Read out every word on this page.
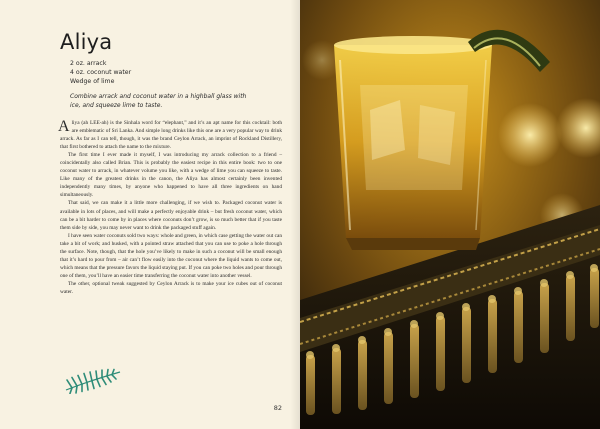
Aliya
2 oz. arrack
4 oz. coconut water
Wedge of lime

Combine arrack and coconut water in a highball glass with ice, and squeeze lime to taste.

Aliya (ah LEE-ah) is the Sinhala word for “elephant,” and it’s an apt name for this cocktail: both are emblematic of Sri Lanka. And simple long drinks like this one are a very popular way to drink arrack. As far as I can tell, though, it was the brand Ceylon Arrack, an imprint of Rockland Distillery, that first bothered to attach the name to the mixture.

The first time I ever made it myself, I was introducing my arrack collection to a friend – coincidentally also called Brian. This is probably the easiest recipe in this entire book: two to one coconut water to arrack, in whatever volume you like, with a wedge of lime you can squeeze to taste. Like many of the greatest drinks in the canon, the Aliya has almost certainly been invented independently many times, by anyone who happened to have all three ingredients on hand simultaneously.

That said, we can make it a little more challenging, if we wish to. Packaged coconut water is available in lots of places, and will make a perfectly enjoyable drink – but fresh coconut water, which can be a bit harder to come by in places where coconuts don’t grow, is so much better that if you taste them side by side, you may never want to drink the packaged stuff again.

I have seen water coconuts sold two ways: whole and green, in which case getting the water out can take a bit of work; and husked, with a pointed straw attached that you can use to poke a hole through the surface. Note, though, that the hole you’ve likely to make in such a coconut will be small enough that it’s hard to pour from – air can’t flow easily into the coconut where the liquid wants to come out, which means that the pressure favors the liquid staying put. If you can poke two holes and pour through one of them, you’ll have an easier time transferring the coconut water into another vessel.

The other, optional tweak suggested by Ceylon Arrack is to make your ice cubes out of coconut water.

82
